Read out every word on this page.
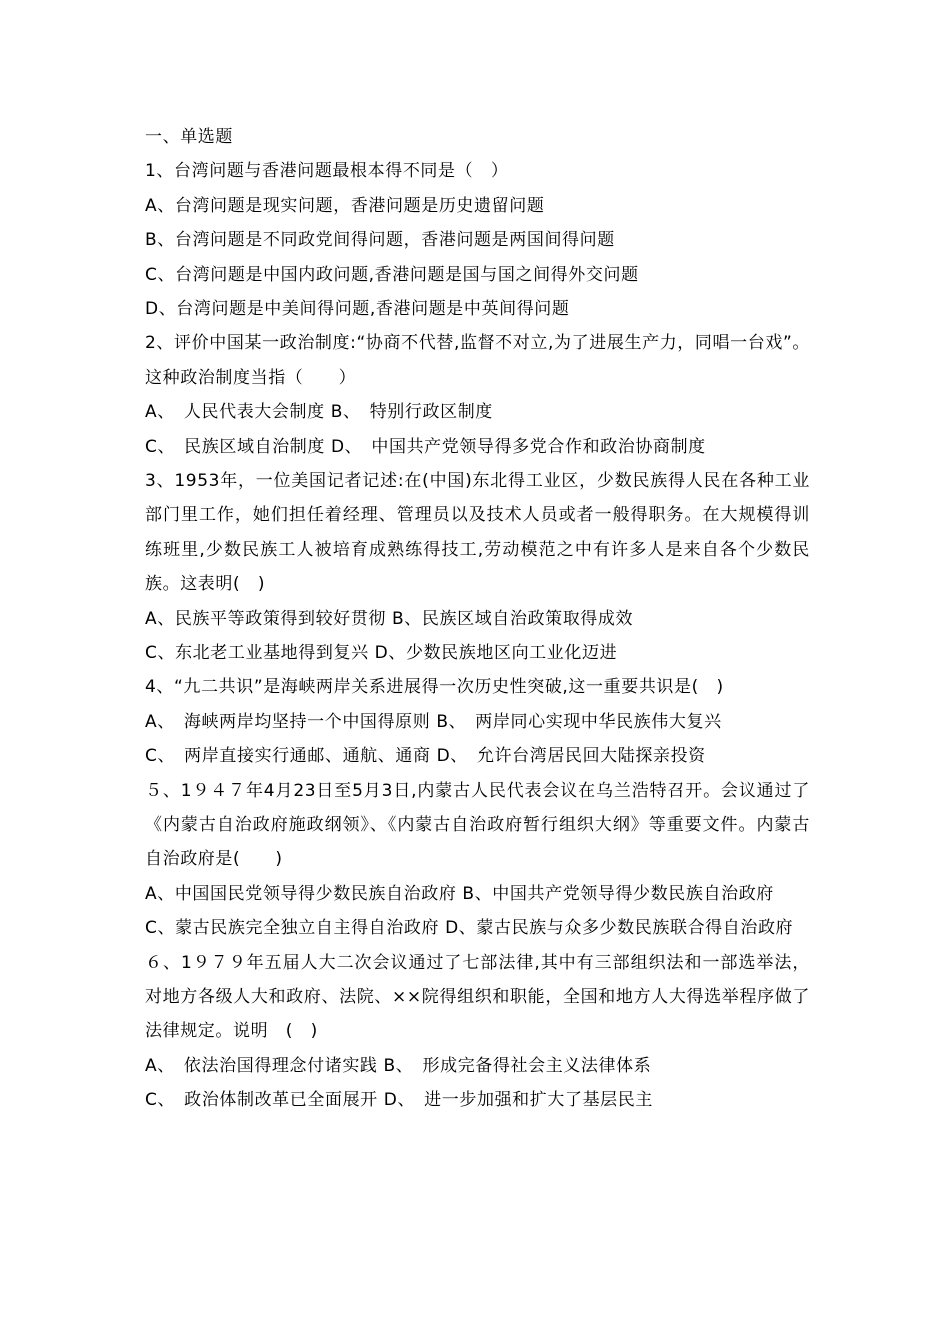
一、单选题
1、台湾问题与香港问题最根本得不同是（　）
A、台湾问题是现实问题，香港问题是历史遗留问题
B、台湾问题是不同政党间得问题，香港问题是两国间得问题
C、台湾问题是中国内政问题,香港问题是国与国之间得外交问题
D、台湾问题是中美间得问题,香港问题是中英间得问题
2、评价中国某一政治制度:“协商不代替,监督不对立,为了进展生产力，同唱一台戏”。这种政治制度当指（　　）
A、　人民代表大会制度 B、　特别行政区制度
C、　民族区域自治制度 D、　中国共产党领导得多党合作和政治协商制度
3、1953年，一位美国记者记述:在(中国)东北得工业区，少数民族得人民在各种工业部门里工作，她们担任着经理、管理员以及技术人员或者一般得职务。在大规模得训练班里,少数民族工人被培育成熟练得技工,劳动模范之中有许多人是来自各个少数民族。这表明(　)
A、民族平等政策得到较好贯彻 B、民族区域自治政策取得成效
C、东北老工业基地得到复兴 D、少数民族地区向工业化迈进
4、“九二共识”是海峡两岸关系进展得一次历史性突破,这一重要共识是(　)
A、　海峡两岸均坚持一个中国得原则 B、　两岸同心实现中华民族伟大复兴
C、　两岸直接实行通邮、通航、通商 D、　允许台湾居民回大陆探亲投资
５、1９４７年4月23日至5月3日,内蒙古人民代表会议在乌兰浩特召开。会议通过了《内蒙古自治政府施政纲领》、《内蒙古自治政府暂行组织大纲》等重要文件。内蒙古自治政府是(　　)
A、中国国民党领导得少数民族自治政府 B、中国共产党领导得少数民族自治政府
C、蒙古民族完全独立自主得自治政府 D、蒙古民族与众多少数民族联合得自治政府
６、1９７９年五届人大二次会议通过了七部法律,其中有三部组织法和一部选举法，对地方各级人大和政府、法院、××院得组织和职能，全国和地方人大得选举程序做了法律规定。说明　(　)
A、　依法治国得理念付诸实践 B、　形成完备得社会主义法律体系
C、　政治体制改革已全面展开 D、　进一步加强和扩大了基层民主
